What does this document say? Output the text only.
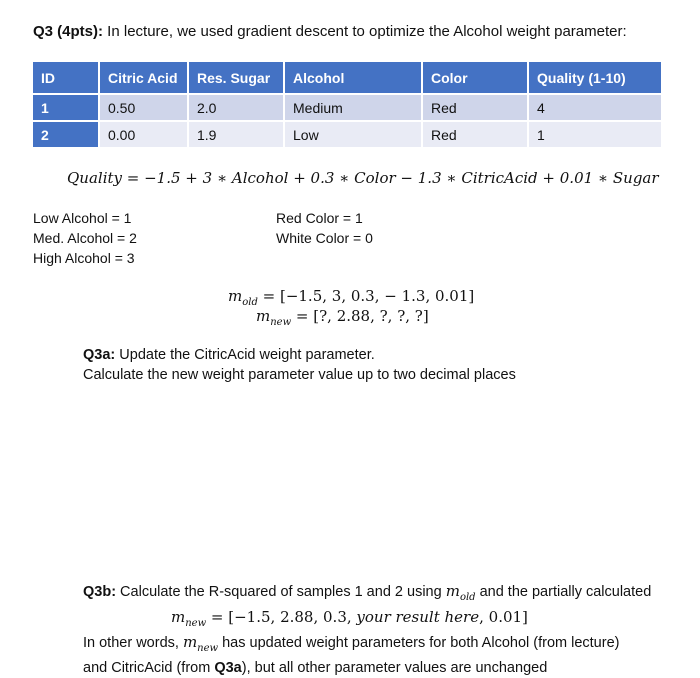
Q3 (4pts): In lecture, we used gradient descent to optimize the Alcohol weight parameter:
ID	Citric Acid	Res. Sugar	Alcohol	Color	Quality (1-10)
1	0.50	2.0	Medium	Red	4
2	0.00	1.9	Low	Red	1
Quality = −1.5 + 3 ∗ Alcohol + 0.3 ∗ Color − 1.3 ∗ CitricAcid + 0.01 ∗ Sugar
Low Alcohol = 1
Med. Alcohol = 2
High Alcohol = 3
Red Color = 1
White Color = 0
$m_{old} = [-1.5$, 3, 0.3, − 1.3, 0.01]
$m_{new}$ = [?, 2.88, ?, ?, ?]
Q3a: Update the CitricAcid weight parameter.
Calculate the new weight parameter value up to two decimal places
Q3b: Calculate the R-squared of samples 1 and 2 using $m_{old}$ and the partially calculated
$m_{new} = [-1.5$, 2.88, 0.3, your result here, 0.01]
In other words, $m_{new}$ has updated weight parameters for both Alcohol (from lecture)
and CitricAcid (from Q3a), but all other parameter values are unchanged
